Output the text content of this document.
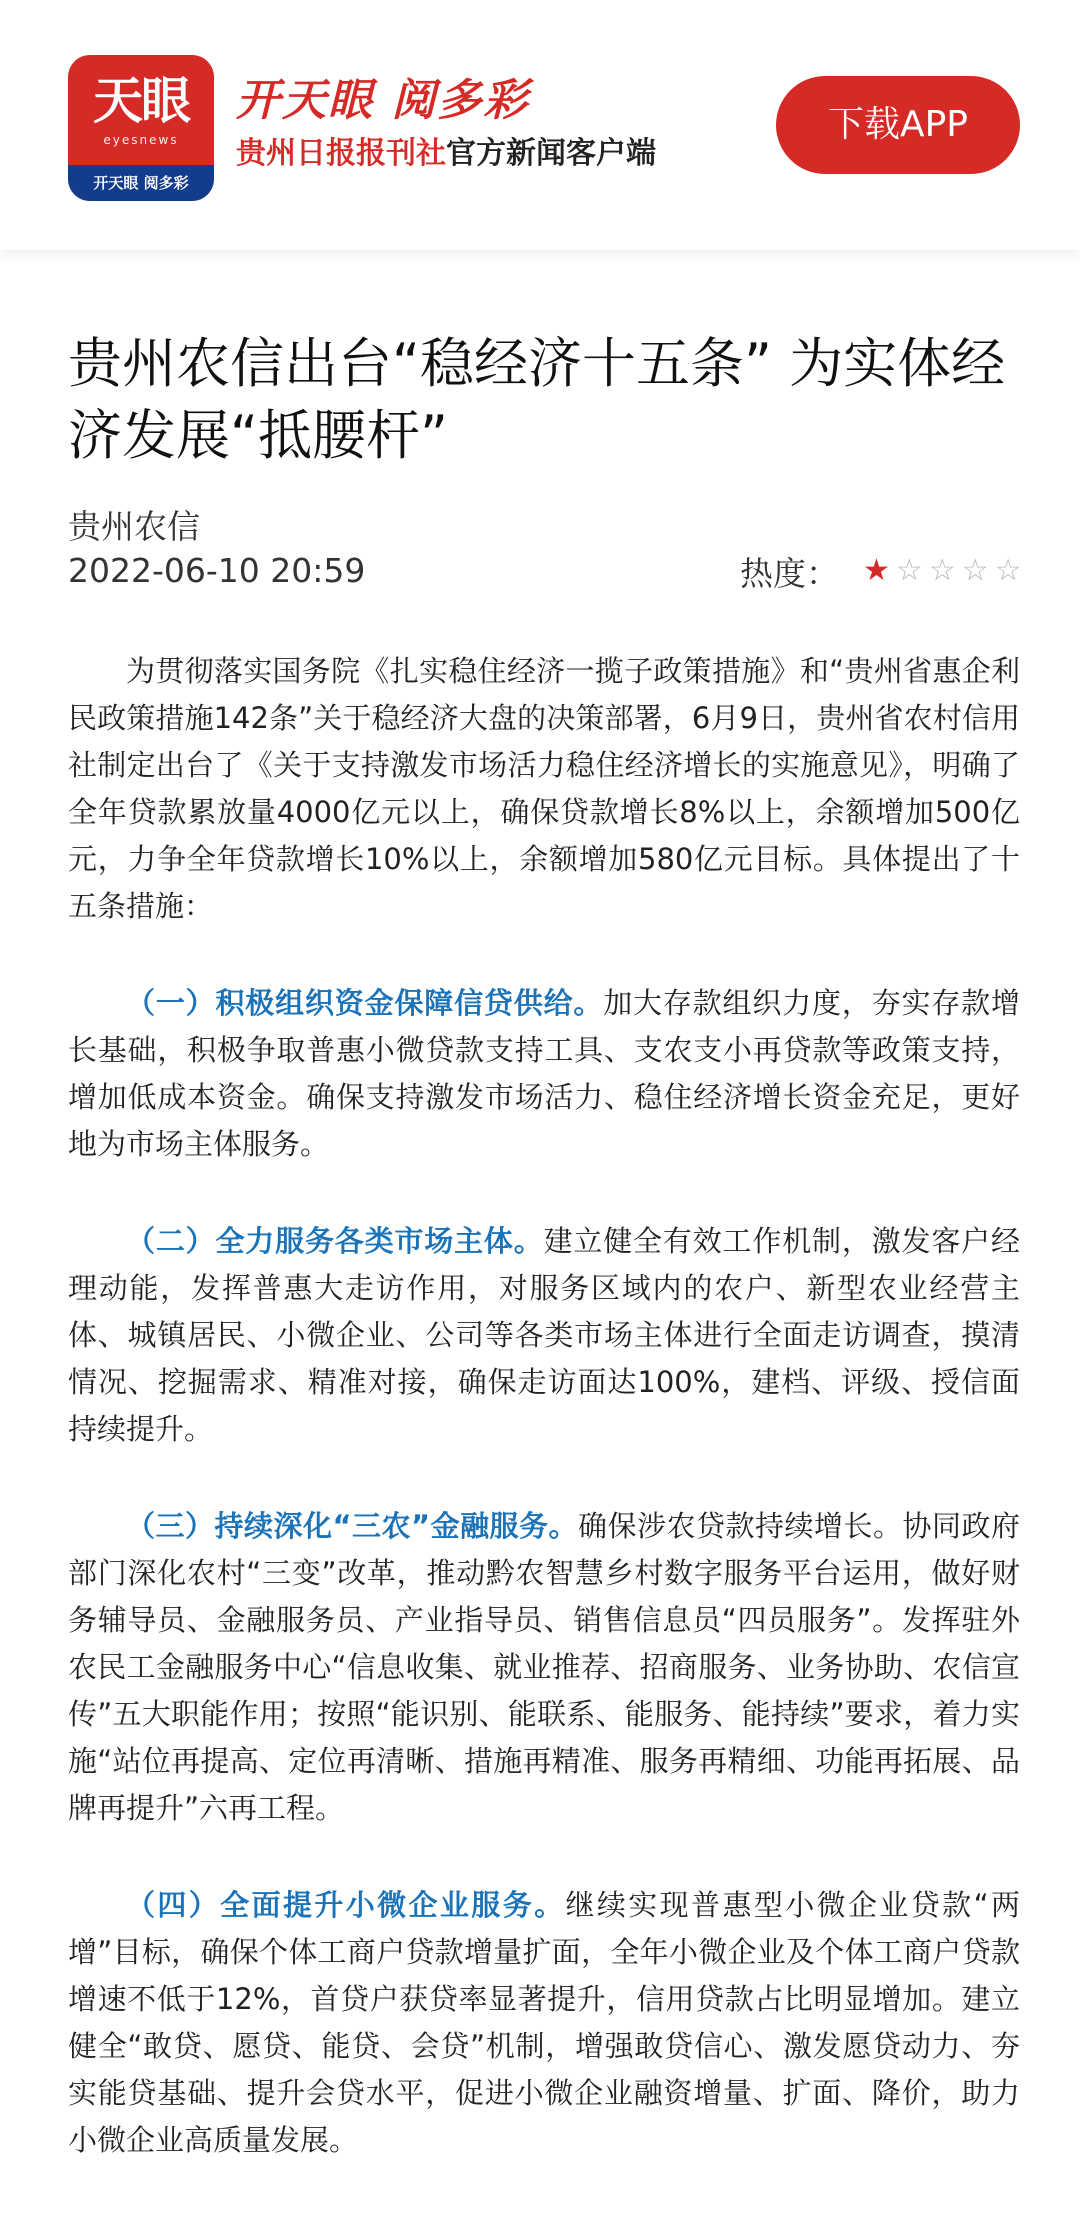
天眼
eyesnews
开天眼 阅多彩
开天眼 阅多彩
贵州日报报刊社官方新闻客户端
下载APP
贵州农信出台“稳经济十五条” 为实体经济发展“抵腰杆”
贵州农信
2022-06-10 20:59	热度： ★ ☆ ☆ ☆ ☆

为贯彻落实国务院《扎实稳住经济一揽子政策措施》和“贵州省惠企利民政策措施142条”关于稳经济大盘的决策部署，6月9日，贵州省农村信用社制定出台了《关于支持激发市场活力稳住经济增长的实施意见》，明确了全年贷款累放量4000亿元以上，确保贷款增长8%以上，余额增加500亿元，力争全年贷款增长10%以上，余额增加580亿元目标。具体提出了十五条措施：

（一）积极组织资金保障信贷供给。加大存款组织力度，夯实存款增长基础，积极争取普惠小微贷款支持工具、支农支小再贷款等政策支持，增加低成本资金。确保支持激发市场活力、稳住经济增长资金充足，更好地为市场主体服务。

（二）全力服务各类市场主体。建立健全有效工作机制，激发客户经理动能，发挥普惠大走访作用，对服务区域内的农户、新型农业经营主体、城镇居民、小微企业、公司等各类市场主体进行全面走访调查，摸清情况、挖掘需求、精准对接，确保走访面达100%，建档、评级、授信面持续提升。

（三）持续深化“三农”金融服务。确保涉农贷款持续增长。协同政府部门深化农村“三变”改革，推动黔农智慧乡村数字服务平台运用，做好财务辅导员、金融服务员、产业指导员、销售信息员“四员服务”。发挥驻外农民工金融服务中心“信息收集、就业推荐、招商服务、业务协助、农信宣传”五大职能作用；按照“能识别、能联系、能服务、能持续”要求，着力实施“站位再提高、定位再清晰、措施再精准、服务再精细、功能再拓展、品牌再提升”六再工程。

（四）全面提升小微企业服务。继续实现普惠型小微企业贷款“两增”目标，确保个体工商户贷款增量扩面，全年小微企业及个体工商户贷款增速不低于12%，首贷户获贷率显著提升，信用贷款占比明显增加。建立健全“敢贷、愿贷、能贷、会贷”机制，增强敢贷信心、激发愿贷动力、夯实能贷基础、提升会贷水平，促进小微企业融资增量、扩面、降价，助力小微企业高质量发展。
